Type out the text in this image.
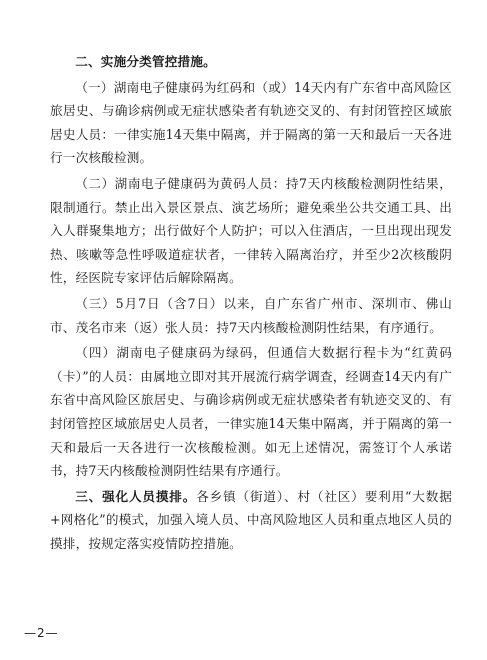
二、实施分类管控措施。

（一）湖南电子健康码为红码和（或）14天内有广东省中高风险区旅居史、与确诊病例或无症状感染者有轨迹交叉的、有封闭管控区域旅居史人员：一律实施14天集中隔离，并于隔离的第一天和最后一天各进行一次核酸检测。

（二）湖南电子健康码为黄码人员：持7天内核酸检测阴性结果，限制通行。禁止出入景区景点、演艺场所；避免乘坐公共交通工具、出入人群聚集地方；出行做好个人防护；可以入住酒店，一旦出现出现发热、咳嗽等急性呼吸道症状者，一律转入隔离治疗，并至少2次核酸阴性，经医院专家评估后解除隔离。

（三）5月7日（含7日）以来，自广东省广州市、深圳市、佛山市、茂名市来（返）张人员：持7天内核酸检测阴性结果，有序通行。

（四）湖南电子健康码为绿码，但通信大数据行程卡为“红黄码（卡）”的人员：由属地立即对其开展流行病学调查，经调查14天内有广东省中高风险区旅居史、与确诊病例或无症状感染者有轨迹交叉的、有封闭管控区域旅居史人员者，一律实施14天集中隔离，并于隔离的第一天和最后一天各进行一次核酸检测。如无上述情况，需签订个人承诺书，持7天内核酸检测阴性结果有序通行。

三、强化人员摸排。各乡镇（街道）、村（社区）要利用“大数据+网格化”的模式，加强入境人员、中高风险地区人员和重点地区人员的摸排，按规定落实疫情防控措施。

—2—
